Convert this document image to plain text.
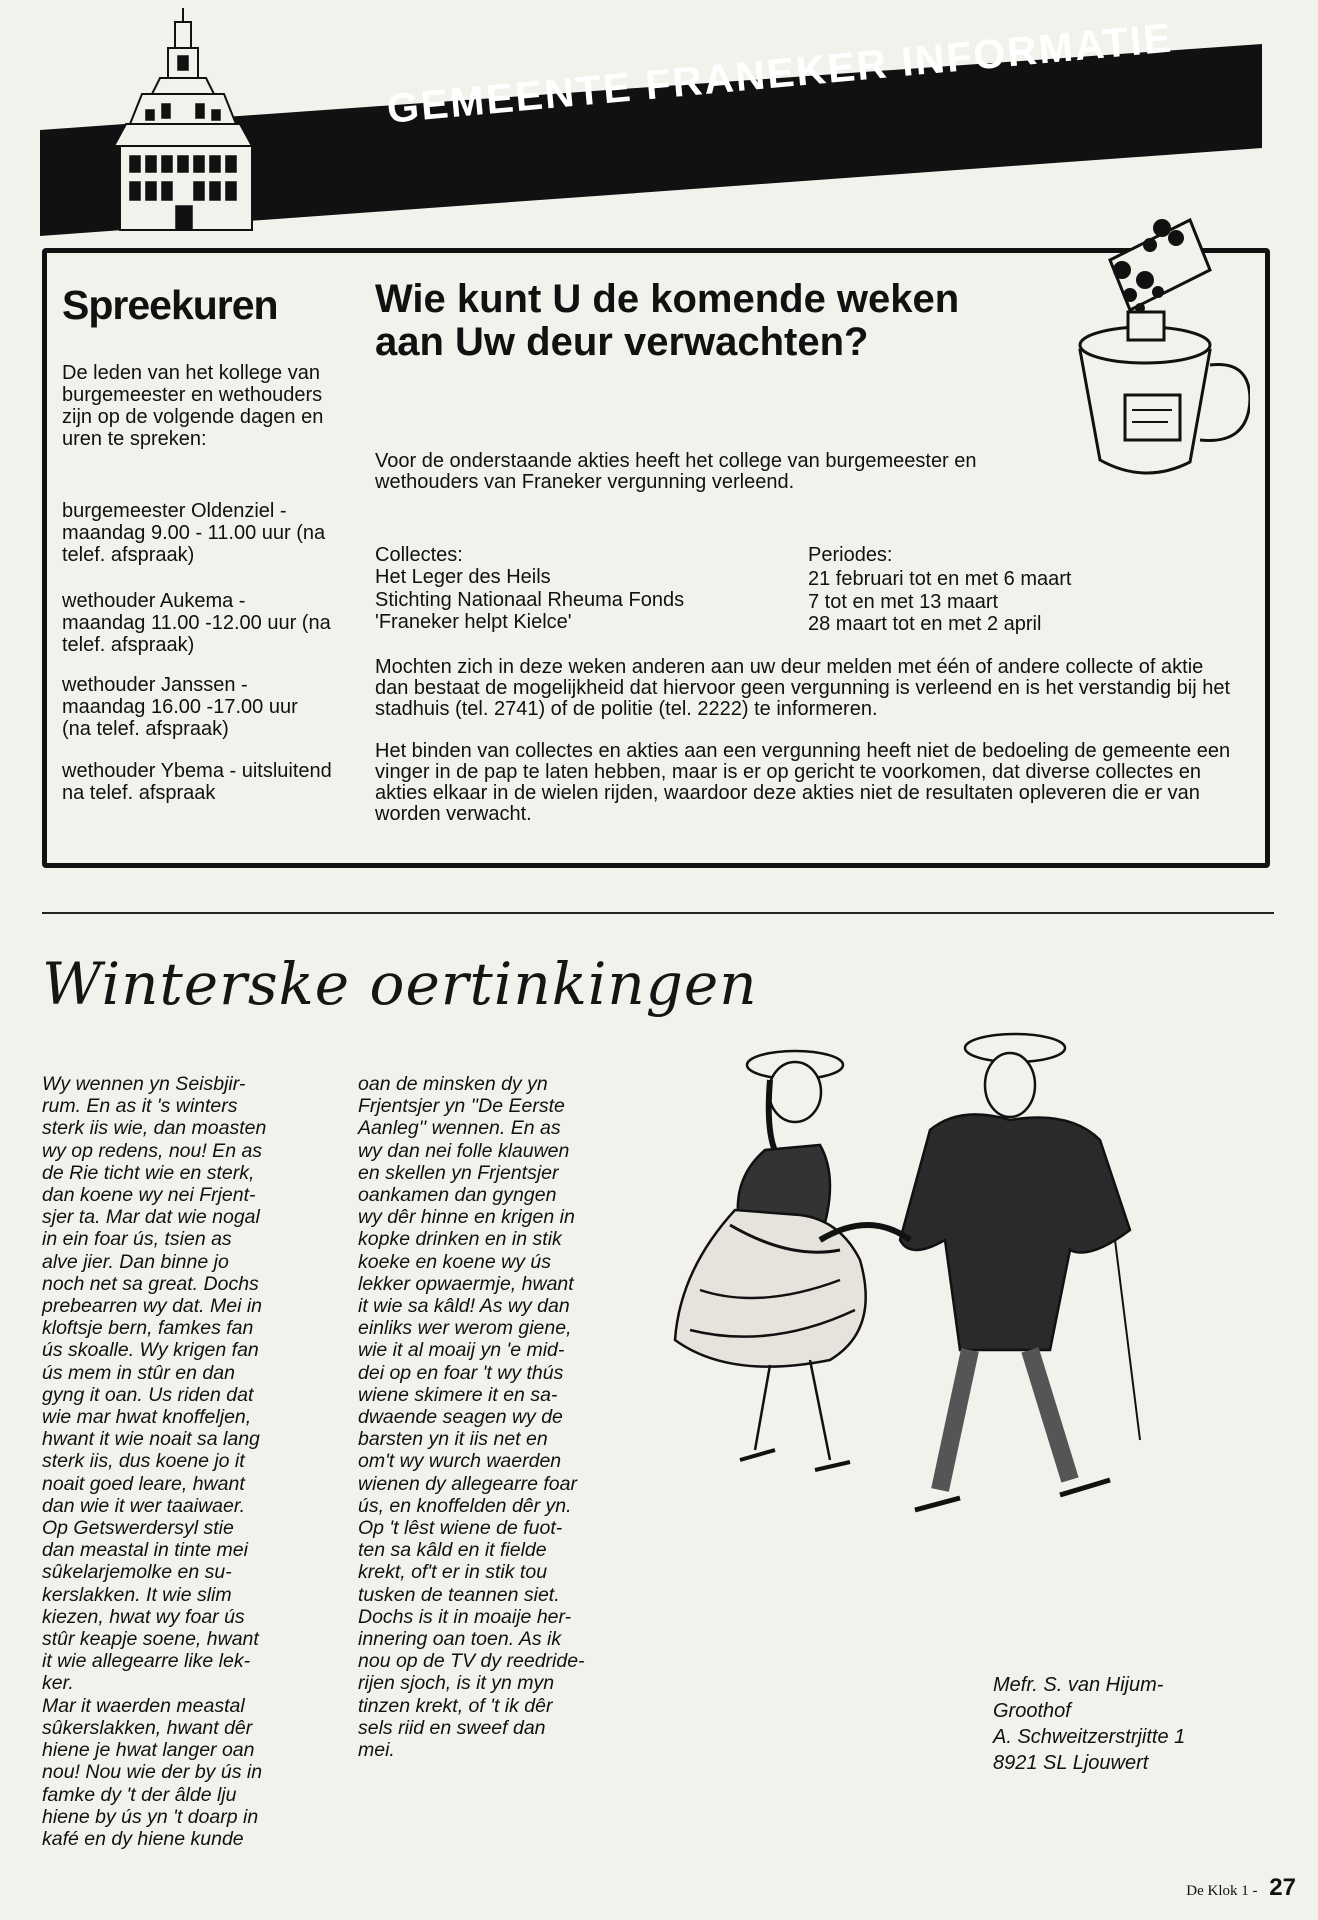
GEMEENTE FRANEKER INFORMATIE
Spreekuren
De leden van het kollege van burgemeester en wethouders zijn op de volgende dagen en uren te spreken:
burgemeester Oldenziel - maandag 9.00 - 11.00 uur (na telef. afspraak)
wethouder Aukema - maandag 11.00 -12.00 uur (na telef. afspraak)
wethouder Janssen - maandag 16.00 -17.00 uur (na telef. afspraak)
wethouder Ybema - uitsluitend na telef. afspraak
Wie kunt U de komende weken aan Uw deur verwachten?
Voor de onderstaande akties heeft het college van burgemeester en wethouders van Franeker vergunning verleend.
Collectes:
Het Leger des Heils
Stichting Nationaal Rheuma Fonds
'Franeker helpt Kielce'
Periodes:
21 februari tot en met 6 maart
7 tot en met 13 maart
28 maart tot en met 2 april
Mochten zich in deze weken anderen aan uw deur melden met één of andere collecte of aktie dan bestaat de mogelijkheid dat hiervoor geen vergunning is verleend en is het verstandig bij het stadhuis (tel. 2741) of de politie (tel. 2222) te informeren.
Het binden van collectes en akties aan een vergunning heeft niet de bedoeling de gemeente een vinger in de pap te laten hebben, maar is er op gericht te voorkomen, dat diverse collectes en akties elkaar in de wielen rijden, waardoor deze akties niet de resultaten opleveren die er van worden verwacht.
Winterske oertinkingen
Wy wennen yn Seisbjir-
rum. En as it 's winters
sterk iis wie, dan moasten
wy op redens, nou! En as
de Rie ticht wie en sterk,
dan koene wy nei Frjent-
sjer ta. Mar dat wie nogal
in ein foar ús, tsien as
alve jier. Dan binne jo
noch net sa great. Dochs
prebearren wy dat. Mei in
kloftsje bern, famkes fan
ús skoalle. Wy krigen fan
ús mem in stûr en dan
gyng it oan. Us riden dat
wie mar hwat knoffeljen,
hwant it wie noait sa lang
sterk iis, dus koene jo it
noait goed leare, hwant
dan wie it wer taaiwaer.
Op Getswerdersyl stie
dan meastal in tinte mei
sûkelarjemolke en su-
kerslakken. It wie slim
kiezen, hwat wy foar ús
stûr keapje soene, hwant
it wie allegearre like lek-
ker.
Mar it waerden meastal
sûkerslakken, hwant dêr
hiene je hwat langer oan
nou! Nou wie der by ús in
famke dy 't der âlde lju
hiene by ús yn 't doarp in
kafé en dy hiene kunde
oan de minsken dy yn
Frjentsjer yn ''De Eerste
Aanleg'' wennen. En as
wy dan nei folle klauwen
en skellen yn Frjentsjer
oankamen dan gyngen
wy dêr hinne en krigen in
kopke drinken en in stik
koeke en koene wy ús
lekker opwaermje, hwant
it wie sa kâld! As wy dan
einliks wer werom giene,
wie it al moaij yn 'e mid-
dei op en foar 't wy thús
wiene skimere it en sa-
dwaende seagen wy de
barsten yn it iis net en
om't wy wurch waerden
wienen dy allegearre foar
ús, en knoffelden dêr yn.
Op 't lêst wiene de fuot-
ten sa kâld en it fielde
krekt, of't er in stik tou
tusken de teannen siet.
Dochs is it in moaije her-
innering oan toen. As ik
nou op de TV dy reedride-
rijen sjoch, is it yn myn
tinzen krekt, of 't ik dêr
sels riid en sweef dan
mei.
Mefr. S. van Hijum-
Groothof
A. Schweitzerstrjitte 1
8921 SL Ljouwert
De Klok 1 - 27
